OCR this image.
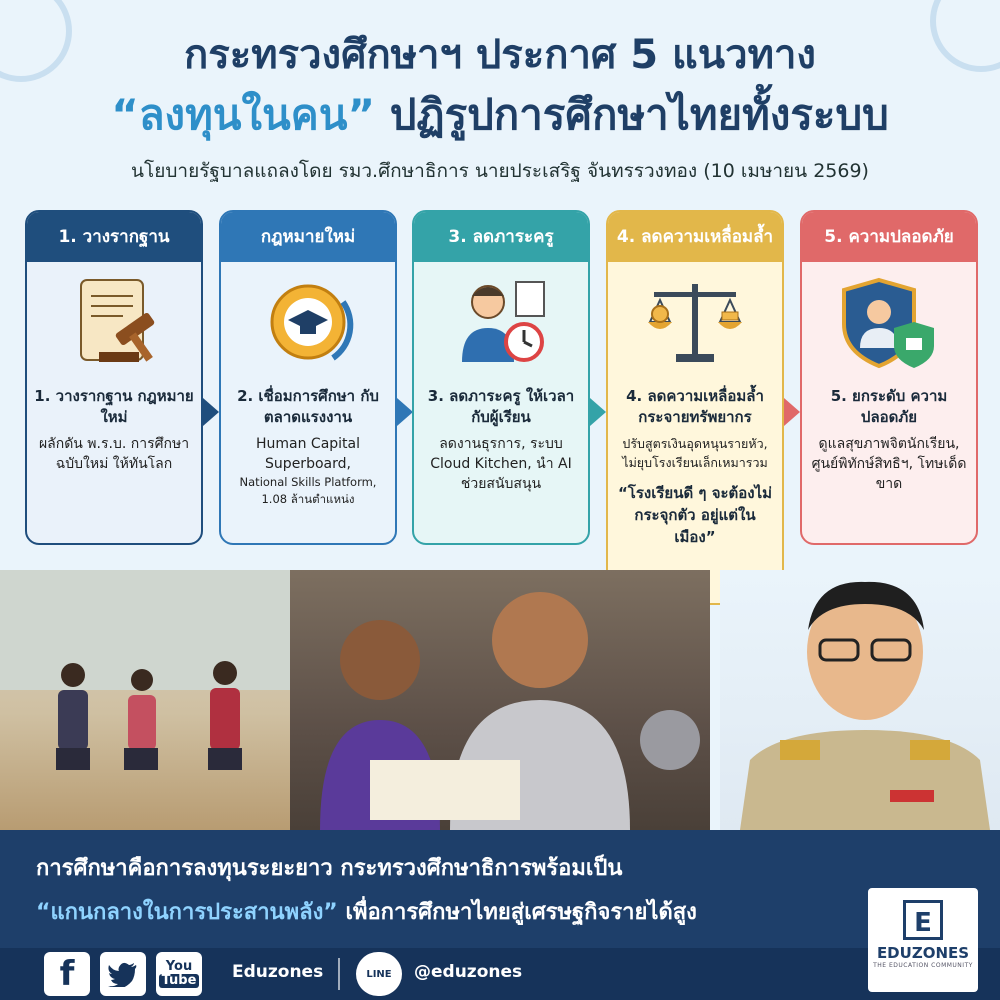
กระทรวงศึกษาฯ ประกาศ 5 แนวทาง
“ลงทุนในคน” ปฏิรูปการศึกษาไทยทั้งระบบ
นโยบายรัฐบาลแถลงโดย รมว.ศึกษาธิการ นายประเสริฐ จันทรรวงทอง (10 เมษายน 2569)
1. วางรากฐาน
1. วางรากฐาน กฎหมายใหม่
ผลักดัน พ.ร.บ. การศึกษาฉบับใหม่ ให้ทันโลก
กฎหมายใหม่
2. เชื่อมการศึกษา กับตลาดแรงงาน
Human Capital Superboard,
National Skills Platform, 1.08 ล้านตำแหน่ง
3. ลดภาระครู
3. ลดภาระครู ให้เวลากับผู้เรียน
ลดงานธุรการ, ระบบ Cloud Kitchen, นำ AI ช่วยสนับสนุน
4. ลดความเหลื่อมล้ำ
4. ลดความเหลื่อมล้ำ กระจายทรัพยากร
ปรับสูตรเงินอุดหนุนรายหัว, ไม่ยุบโรงเรียนเล็กเหมารวม
“โรงเรียนดี ๆ จะต้องไม่กระจุกตัว อยู่แต่ในเมือง”
5. ความปลอดภัย
5. ยกระดับ ความปลอดภัย
ดูแลสุขภาพจิตนักเรียน, ศูนย์พิทักษ์สิทธิฯ, โทษเด็ดขาด
การศึกษาคือการลงทุนระยะยาว กระทรวงศึกษาธิการพร้อมเป็น
“แกนกลางในการประสานพลัง” เพื่อการศึกษาไทยสู่เศรษฐกิจรายได้สูง
f	You
Tube Eduzones	LINE	@eduzones
E
EDUZONES
THE EDUCATION COMMUNITY
